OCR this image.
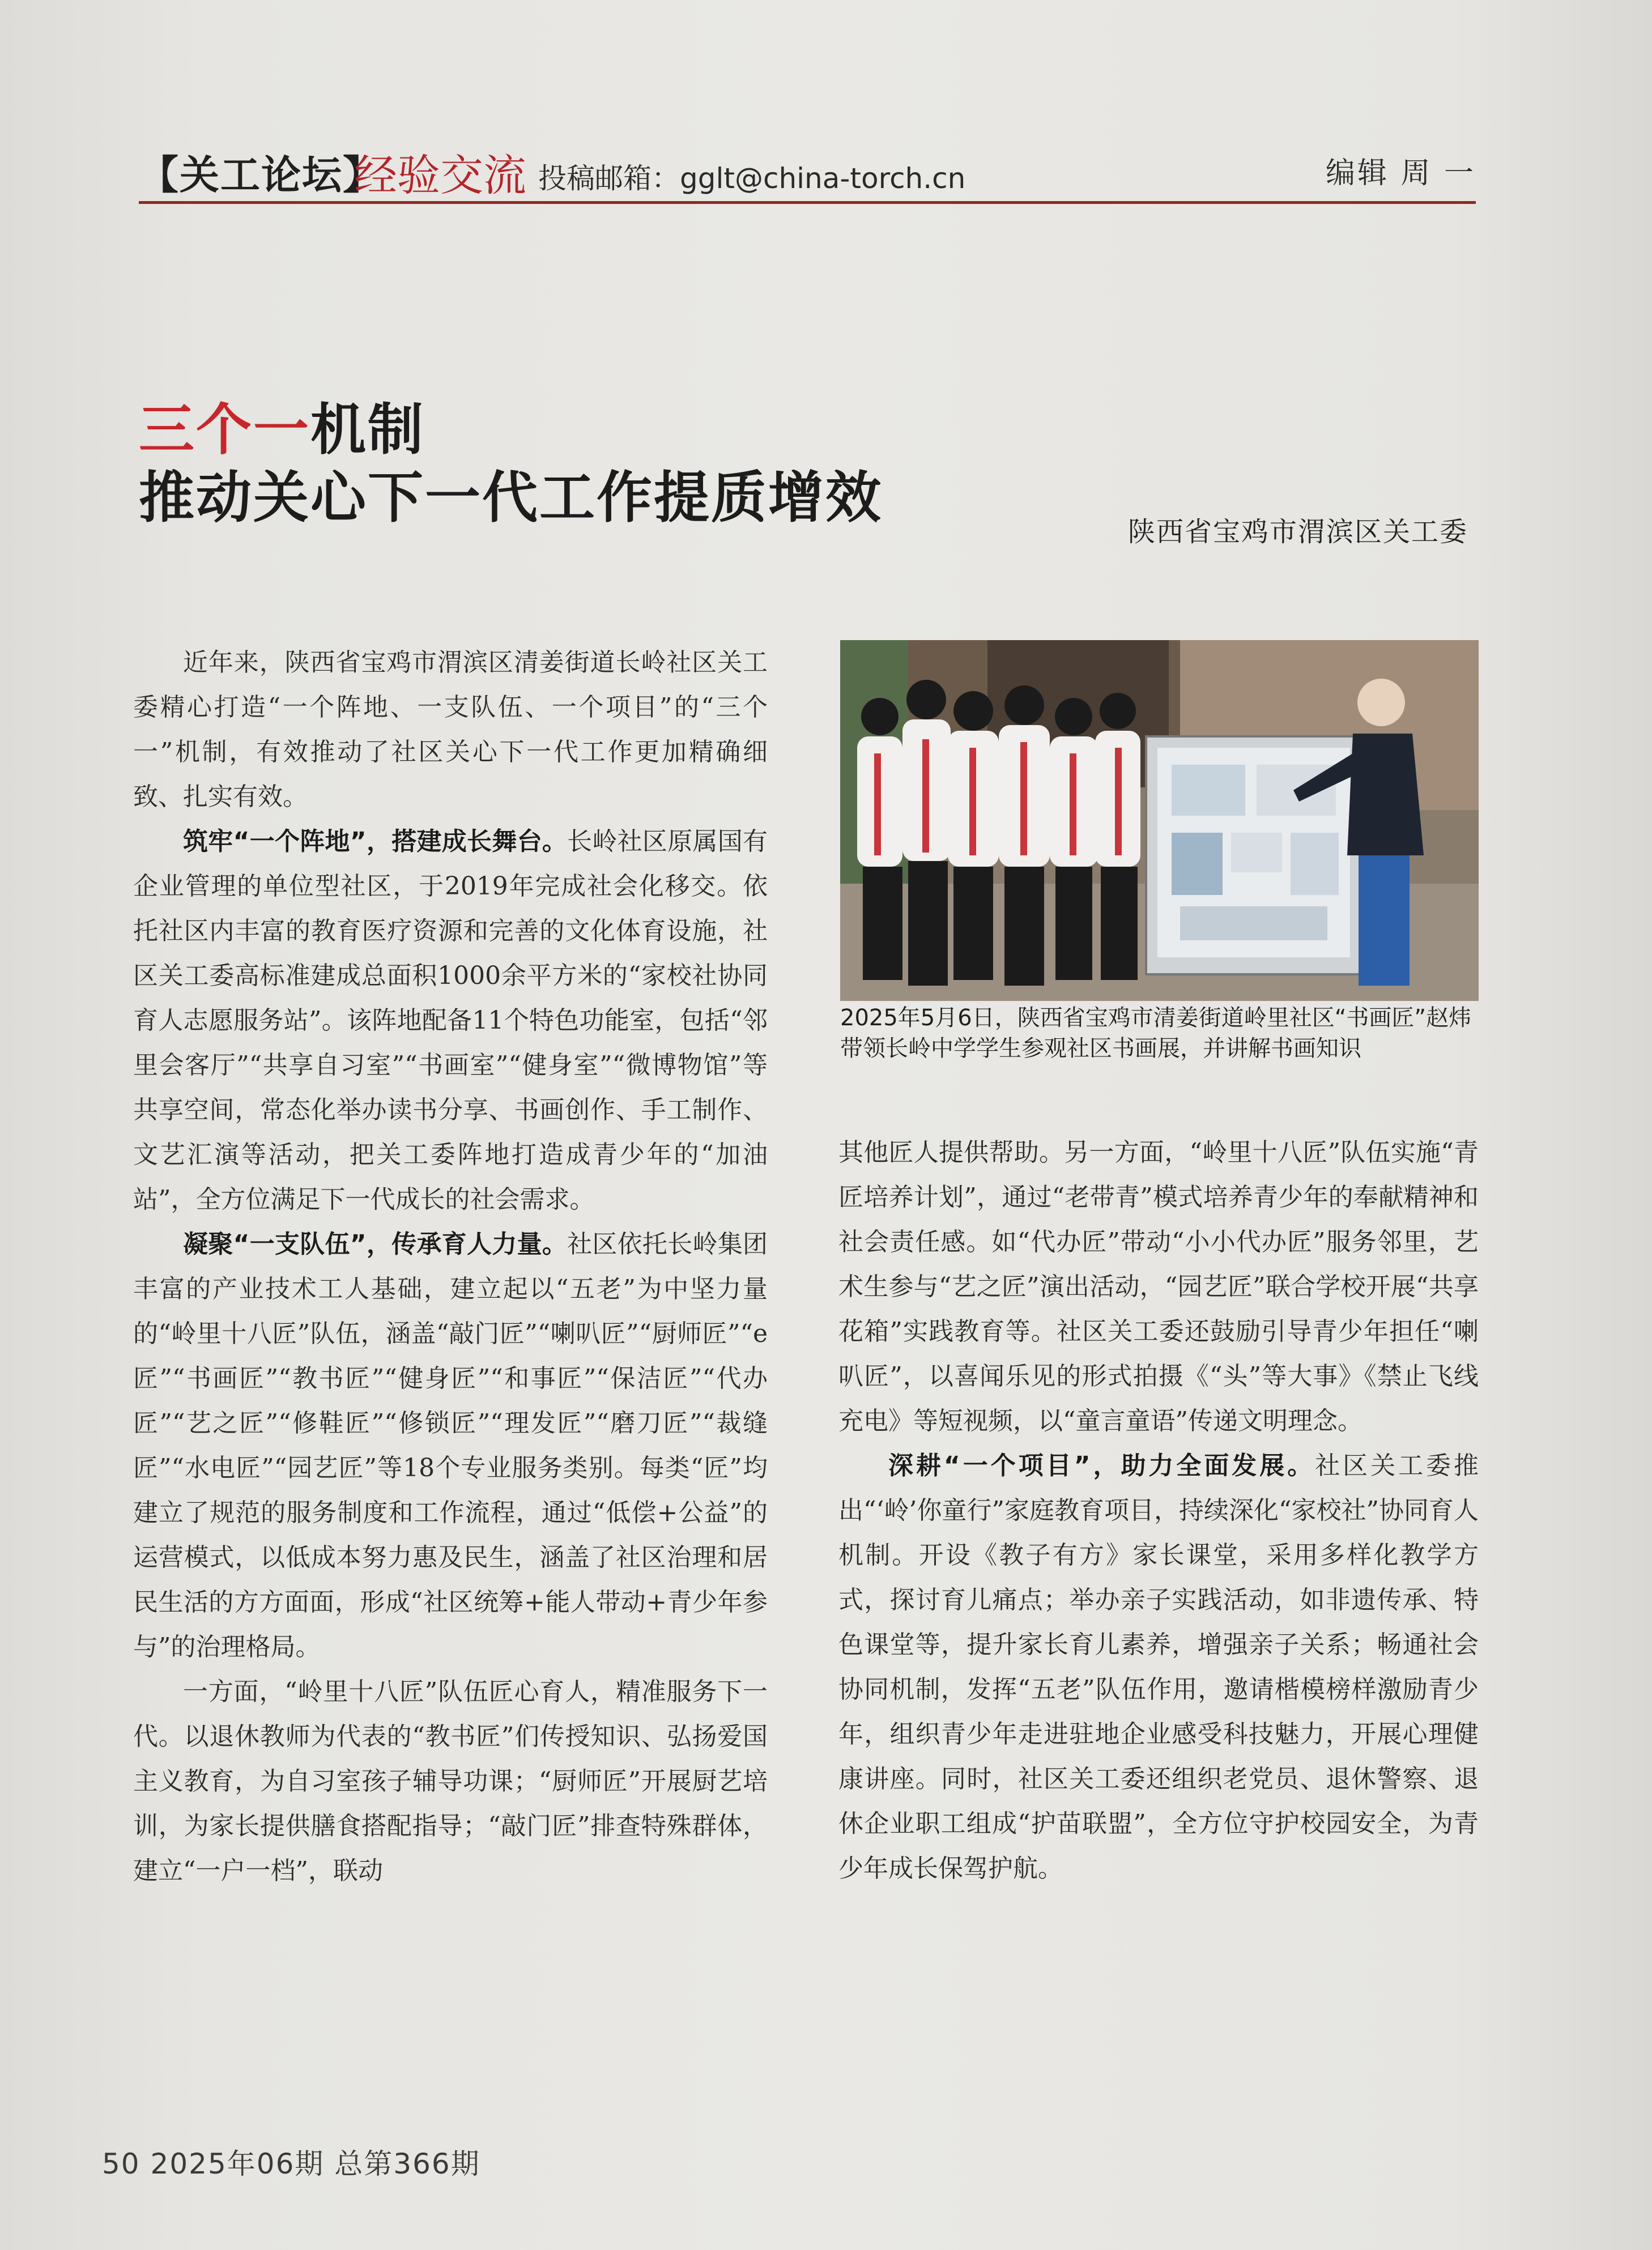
【关工论坛】
经验交流 投稿邮箱：gglt@china-torch.cn	编辑 周 一
三个一机制
推动关心下一代工作提质增效
陕西省宝鸡市渭滨区关工委

近年来，陕西省宝鸡市渭滨区清姜街道长岭社区关工委精心打造“一个阵地、一支队伍、一个项目”的“三个一”机制，有效推动了社区关心下一代工作更加精确细致、扎实有效。

筑牢“一个阵地”，搭建成长舞台。长岭社区原属国有企业管理的单位型社区，于2019年完成社会化移交。依托社区内丰富的教育医疗资源和完善的文化体育设施，社区关工委高标准建成总面积1000余平方米的“家校社协同育人志愿服务站”。该阵地配备11个特色功能室，包括“邻里会客厅”“共享自习室”“书画室”“健身室”“微博物馆”等共享空间，常态化举办读书分享、书画创作、手工制作、文艺汇演等活动，把关工委阵地打造成青少年的“加油站”，全方位满足下一代成长的社会需求。

凝聚“一支队伍”，传承育人力量。社区依托长岭集团丰富的产业技术工人基础，建立起以“五老”为中坚力量的“岭里十八匠”队伍，涵盖“敲门匠”“喇叭匠”“厨师匠”“e匠”“书画匠”“教书匠”“健身匠”“和事匠”“保洁匠”“代办匠”“艺之匠”“修鞋匠”“修锁匠”“理发匠”“磨刀匠”“裁缝匠”“水电匠”“园艺匠”等18个专业服务类别。每类“匠”均建立了规范的服务制度和工作流程，通过“低偿+公益”的运营模式，以低成本努力惠及民生，涵盖了社区治理和居民生活的方方面面，形成“社区统筹+能人带动+青少年参与”的治理格局。

一方面，“岭里十八匠”队伍匠心育人，精准服务下一代。以退休教师为代表的“教书匠”们传授知识、弘扬爱国主义教育，为自习室孩子辅导功课；“厨师匠”开展厨艺培训，为家长提供膳食搭配指导；“敲门匠”排查特殊群体，建立“一户一档”，联动

2025年5月6日，陕西省宝鸡市清姜街道岭里社区“书画匠”赵炜带领长岭中学学生参观社区书画展，并讲解书画知识

其他匠人提供帮助。另一方面，“岭里十八匠”队伍实施“青匠培养计划”，通过“老带青”模式培养青少年的奉献精神和社会责任感。如“代办匠”带动“小小代办匠”服务邻里，艺术生参与“艺之匠”演出活动，“园艺匠”联合学校开展“共享花箱”实践教育等。社区关工委还鼓励引导青少年担任“喇叭匠”，以喜闻乐见的形式拍摄《“头”等大事》《禁止飞线充电》等短视频，以“童言童语”传递文明理念。

深耕“一个项目”，助力全面发展。社区关工委推出“‘岭’你童行”家庭教育项目，持续深化“家校社”协同育人机制。开设《教子有方》家长课堂，采用多样化教学方式，探讨育儿痛点；举办亲子实践活动，如非遗传承、特色课堂等，提升家长育儿素养，增强亲子关系；畅通社会协同机制，发挥“五老”队伍作用，邀请楷模榜样激励青少年，组织青少年走进驻地企业感受科技魅力，开展心理健康讲座。同时，社区关工委还组织老党员、退休警察、退休企业职工组成“护苗联盟”，全方位守护校园安全，为青少年成长保驾护航。

50 2025年06期 总第366期
